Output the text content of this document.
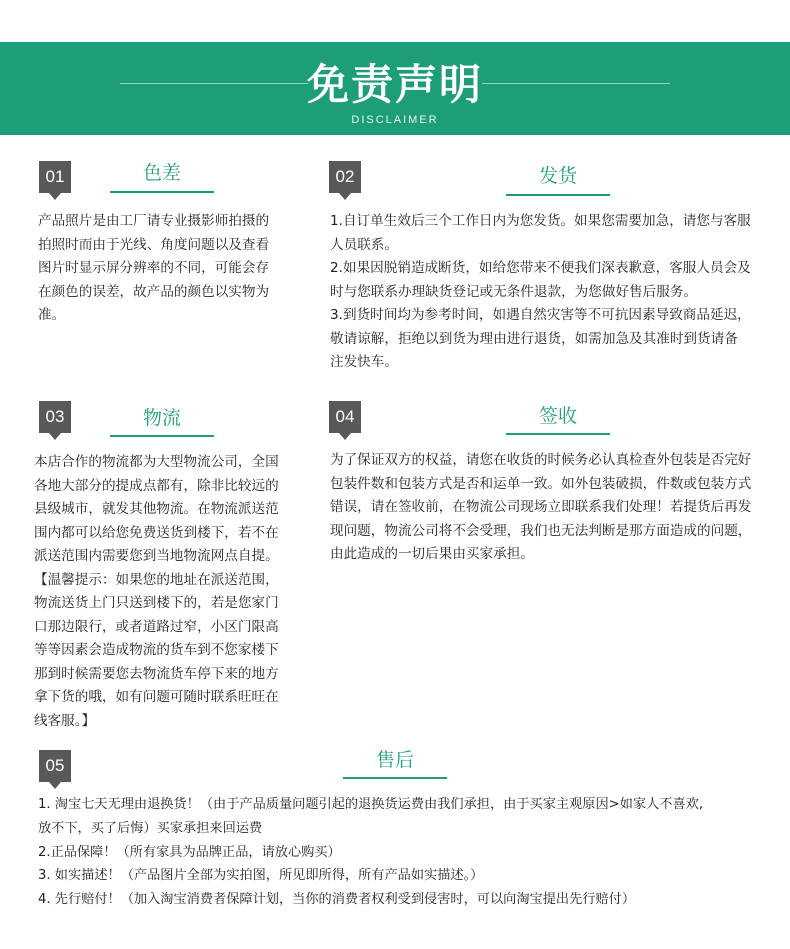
免责声明
DISCLAIMER
01	色差

产品照片是由工厂请专业摄影师拍摄的

拍照时而由于光线、角度问题以及查看

图片时显示屏分辨率的不同，可能会存

在颜色的误差，故产品的颜色以实物为

准。

02	发货

1.自订单生效后三个工作日内为您发货。如果您需要加急，请您与客服

人员联系。

2.如果因脱销造成断货，如给您带来不便我们深表歉意，客服人员会及

时与您联系办理缺货登记或无条件退款，为您做好售后服务。

3.到货时间均为参考时间，如遇自然灾害等不可抗因素导致商品延迟，

敬请谅解，拒绝以到货为理由进行退货，如需加急及其准时到货请备

注发快车。

03	物流

本店合作的物流都为大型物流公司，全国

各地大部分的提成点都有，除非比较远的

县级城市，就发其他物流。在物流派送范

围内都可以给您免费送货到楼下，若不在

派送范围内需要您到当地物流网点自提。

【温馨提示：如果您的地址在派送范围，

物流送货上门只送到楼下的，若是您家门

口那边限行，或者道路过窄，小区门限高

等等因素会造成物流的货车到不您家楼下

那到时候需要您去物流货车停下来的地方

拿下货的哦，如有问题可随时联系旺旺在

线客服。】

04	签收

为了保证双方的权益，请您在收货的时候务必认真检查外包装是否完好

包装件数和包装方式是否和运单一致。如外包装破损，件数或包装方式

错误，请在签收前，在物流公司现场立即联系我们处理！若提货后再发

现问题，物流公司将不会受理，我们也无法判断是那方面造成的问题，

由此造成的一切后果由买家承担。

05	售后

1. 淘宝七天无理由退换货！（由于产品质量问题引起的退换货运费由我们承担，由于买家主观原因>如家人不喜欢,

放不下，买了后悔）买家承担来回运费

2.正品保障！（所有家具为品牌正品，请放心购买）

3. 如实描述！（产品图片全部为实拍图，所见即所得，所有产品如实描述。）

4. 先行赔付！（加入淘宝消费者保障计划，当你的消费者权利受到侵害时，可以向淘宝提出先行赔付）
